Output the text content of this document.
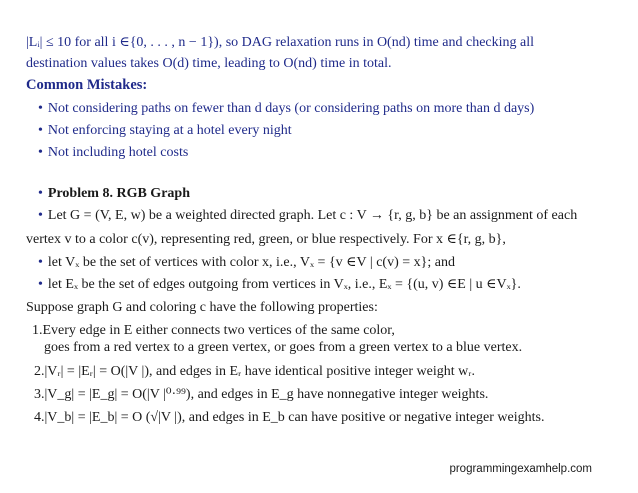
|Lᵢ| ≤ 10 for all i ∈{0, . . . , n − 1}), so DAG relaxation runs in O(nd) time and checking all
destination values takes O(d) time, leading to O(nd) time in total.
Common Mistakes:
• Not considering paths on fewer than d days (or considering paths on more than d days)
• Not enforcing staying at a hotel every night
• Not including hotel costs
• Problem 8. RGB Graph
• Let G = (V, E, w) be a weighted directed graph. Let c : V → {r, g, b} be an assignment of each
vertex v to a color c(v), representing red, green, or blue respectively. For x ∈{r, g, b},
• let Vₓ be the set of vertices with color x, i.e., Vₓ = {v ∈V | c(v) = x}; and
• let Eₓ be the set of edges outgoing from vertices in Vₓ, i.e., Eₓ = {(u, v) ∈E | u ∈Vₓ}.
Suppose graph G and coloring c have the following properties:
1.Every edge in E either connects two vertices of the same color,
goes from a red vertex to a green vertex, or goes from a green vertex to a blue vertex.
2.|Vᵣ| = |Eᵣ| = O(|V |), and edges in Eᵣ have identical positive integer weight wᵣ.
3.|V_g| = |E_g| = O(|V |⁰·⁹⁹), and edges in E_g have nonnegative integer weights.
4.|V_b| = |E_b| = O (√|V |), and edges in E_b can have positive or negative integer weights.
programmingexamhelp.com
